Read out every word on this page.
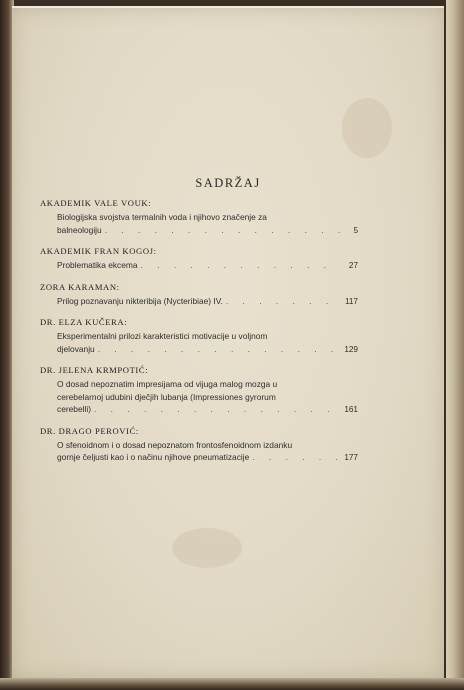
SADRŽAJ
AKADEMIK VALE VOUK:
Biologijska svojstva termalnih voda i njihovo značenje za
balneologiju . . .	5
AKADEMIK FRAN KOGOJ:
Problematika ekcema . . .	27
ZORA KARAMAN:
Prilog poznavanju nikteribija (Nycteribiae) IV. . . .	117
DR. ELZA KUČERA:
Eksperimentalni prilozi karakteristici motivacije u voljnom
djelovanju . . .	129
DR. JELENA KRMPOTIĆ:
O dosad nepoznatim impresijama od vijuga malog mozga u
cerebelarnoj udubini dječjih lubanja (Impressiones gyrorum
cerebelli) . . .	161
DR. DRAGO PEROVIĆ:
O sfenoidnom i o dosad nepoznatom frontosfenoidnom izdanku
gornje čeljusti kao i o načinu njihove pneumatizacije . . .	177
